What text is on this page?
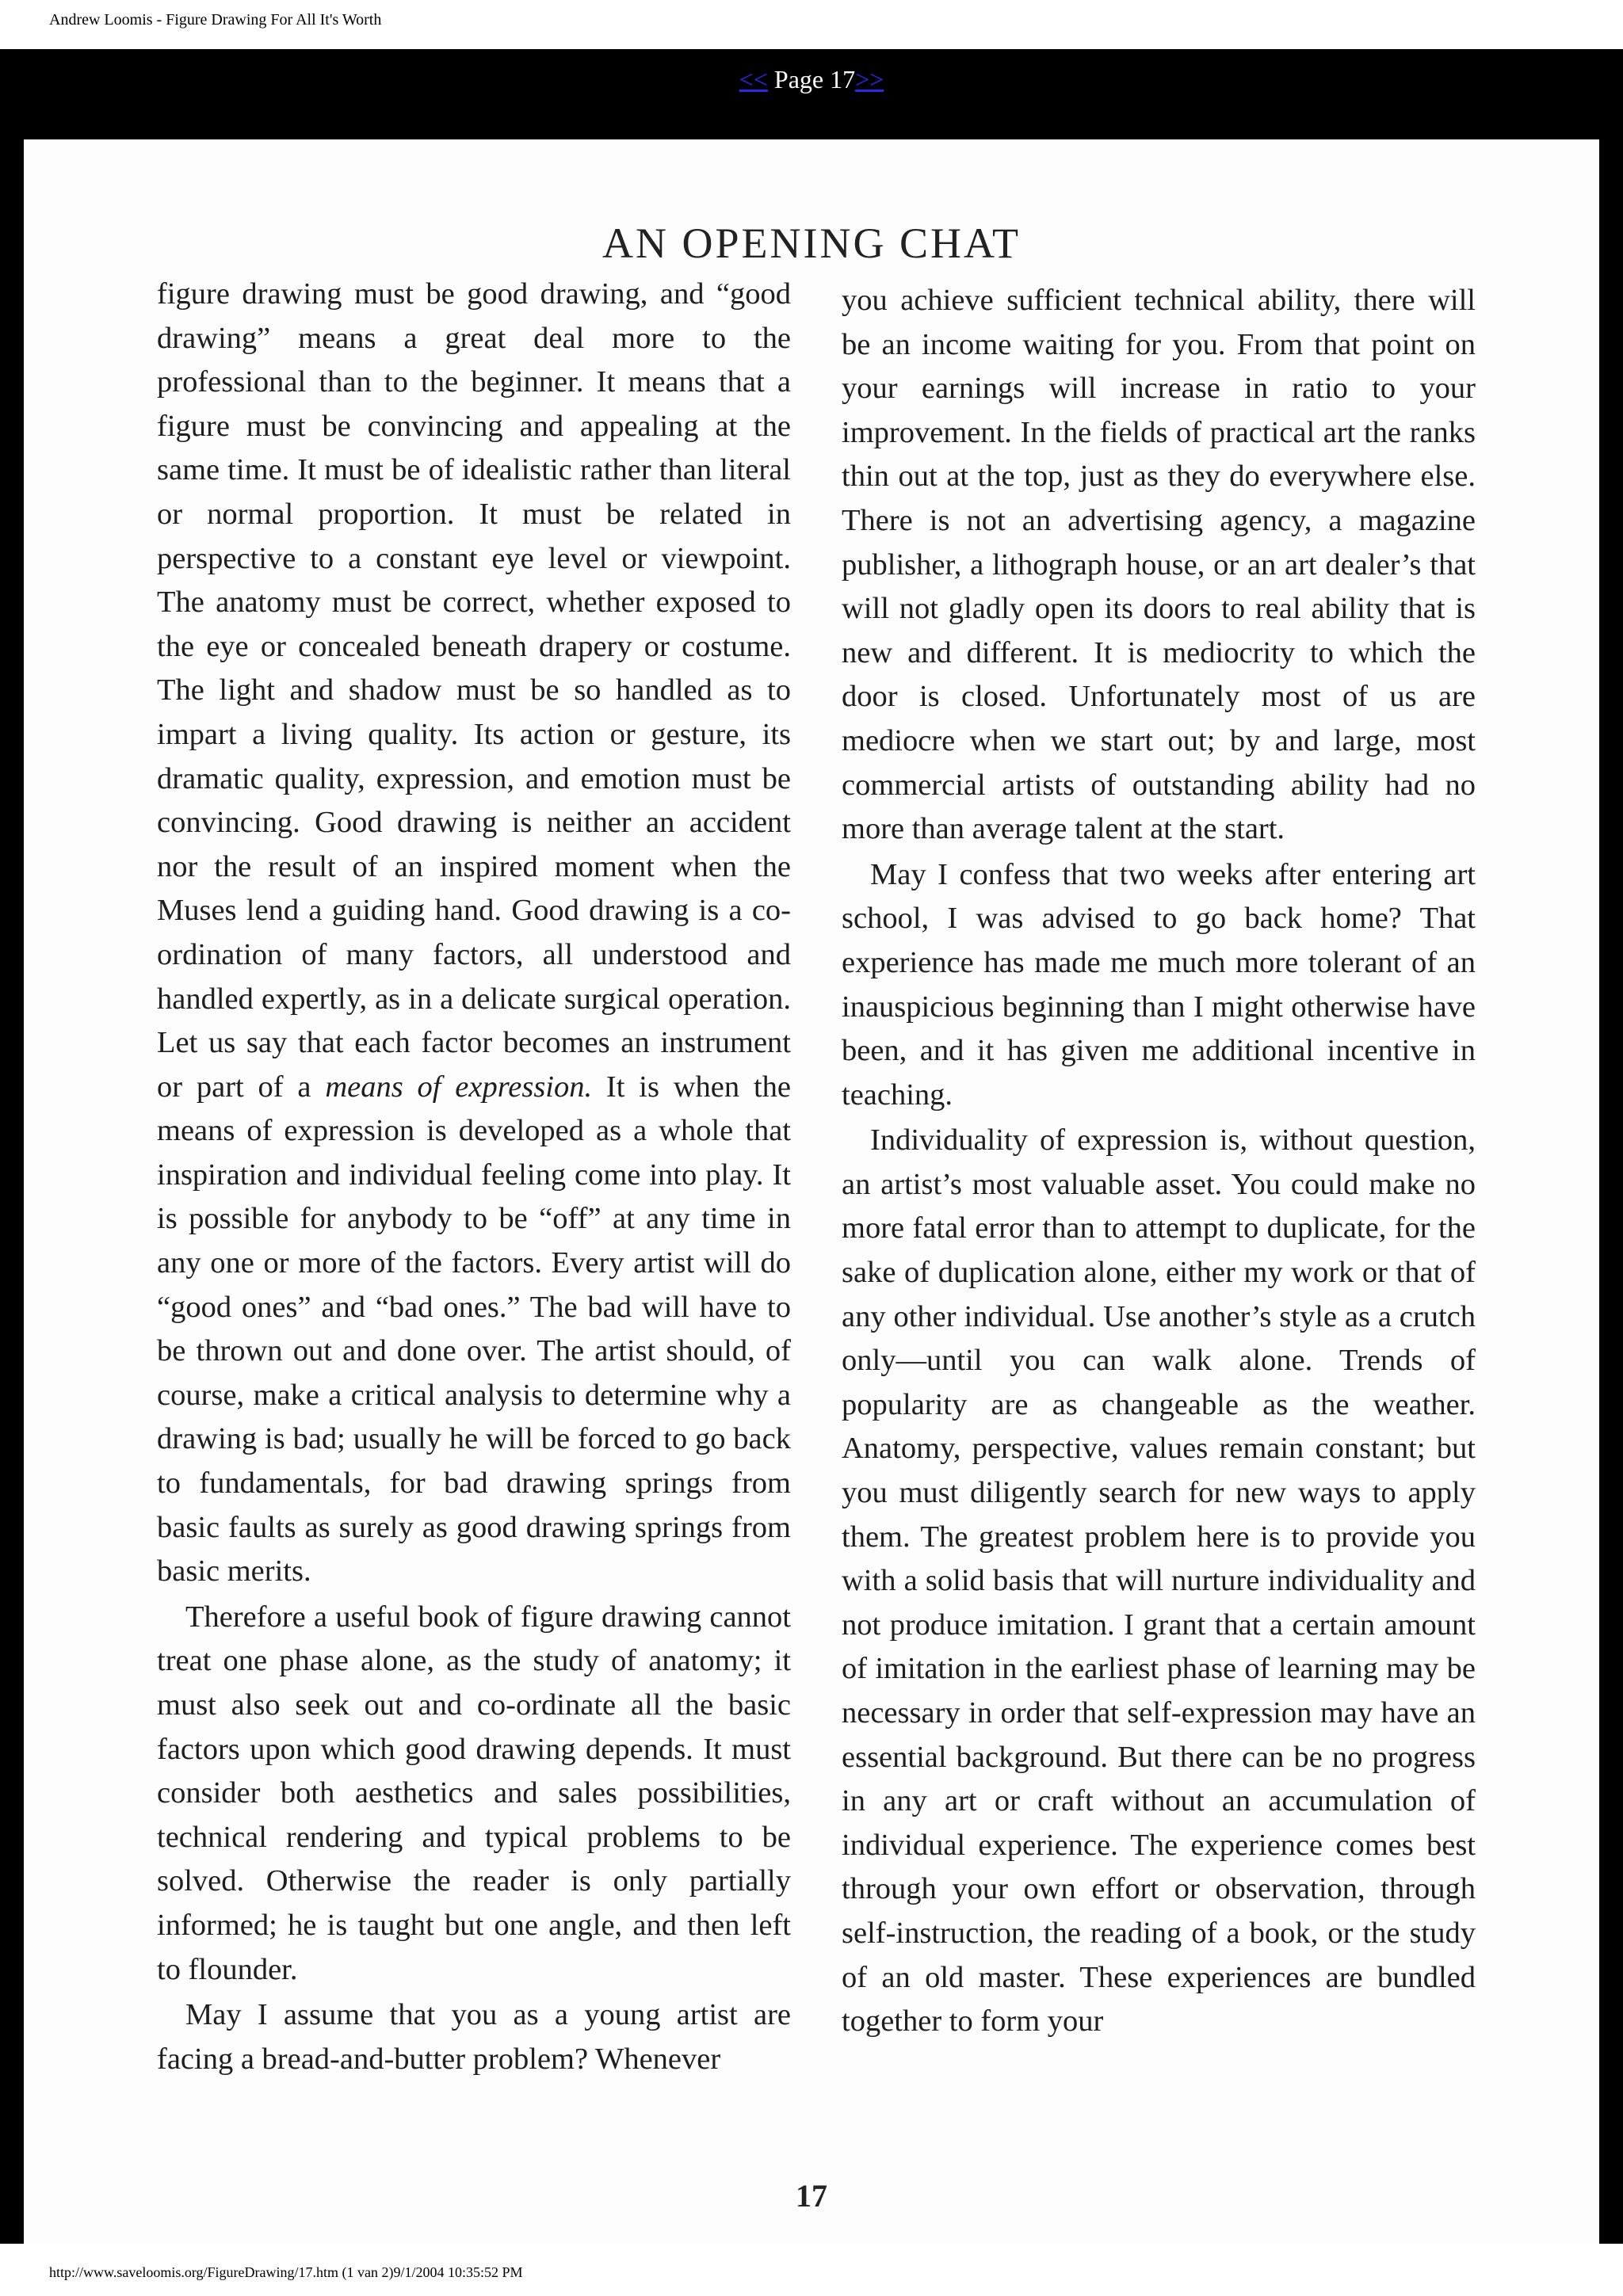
Andrew Loomis - Figure Drawing For All It's Worth
<< Page 17>>
AN OPENING CHAT

figure drawing must be good drawing, and “good drawing” means a great deal more to the professional than to the beginner. It means that a figure must be convincing and appealing at the same time. It must be of idealistic rather than literal or normal proportion. It must be related in perspective to a constant eye level or viewpoint. The anatomy must be correct, whether exposed to the eye or concealed beneath drapery or costume. The light and shadow must be so handled as to impart a living quality. Its action or gesture, its dramatic quality, expression, and emotion must be convincing. Good drawing is neither an accident nor the result of an inspired moment when the Muses lend a guiding hand. Good drawing is a co-ordination of many factors, all understood and handled expertly, as in a delicate surgical operation. Let us say that each factor becomes an instrument or part of a means of expression. It is when the means of expression is developed as a whole that inspiration and individual feeling come into play. It is possible for anybody to be “off” at any time in any one or more of the factors. Every artist will do “good ones” and “bad ones.” The bad will have to be thrown out and done over. The artist should, of course, make a critical analysis to determine why a drawing is bad; usually he will be forced to go back to fundamentals, for bad drawing springs from basic faults as surely as good drawing springs from basic merits.

Therefore a useful book of figure drawing cannot treat one phase alone, as the study of anatomy; it must also seek out and co-ordinate all the basic factors upon which good drawing depends. It must consider both aesthetics and sales possibilities, technical rendering and typical problems to be solved. Otherwise the reader is only partially informed; he is taught but one angle, and then left to flounder.

May I assume that you as a young artist are facing a bread-and-butter problem? Whenever

you achieve sufficient technical ability, there will be an income waiting for you. From that point on your earnings will increase in ratio to your improvement. In the fields of practical art the ranks thin out at the top, just as they do everywhere else. There is not an advertising agency, a magazine publisher, a lithograph house, or an art dealer’s that will not gladly open its doors to real ability that is new and different. It is mediocrity to which the door is closed. Unfortunately most of us are mediocre when we start out; by and large, most commercial artists of outstanding ability had no more than average talent at the start.

May I confess that two weeks after entering art school, I was advised to go back home? That experience has made me much more tolerant of an inauspicious beginning than I might otherwise have been, and it has given me additional incentive in teaching.

Individuality of expression is, without question, an artist’s most valuable asset. You could make no more fatal error than to attempt to duplicate, for the sake of duplication alone, either my work or that of any other individual. Use another’s style as a crutch only—until you can walk alone. Trends of popularity are as changeable as the weather. Anatomy, perspective, values remain constant; but you must diligently search for new ways to apply them. The greatest problem here is to provide you with a solid basis that will nurture individuality and not produce imitation. I grant that a certain amount of imitation in the earliest phase of learning may be necessary in order that self-expression may have an essential background. But there can be no progress in any art or craft without an accumulation of individual experience. The experience comes best through your own effort or observation, through self-instruction, the reading of a book, or the study of an old master. These experiences are bundled together to form your

17
http://www.saveloomis.org/FigureDrawing/17.htm (1 van 2)9/1/2004 10:35:52 PM
